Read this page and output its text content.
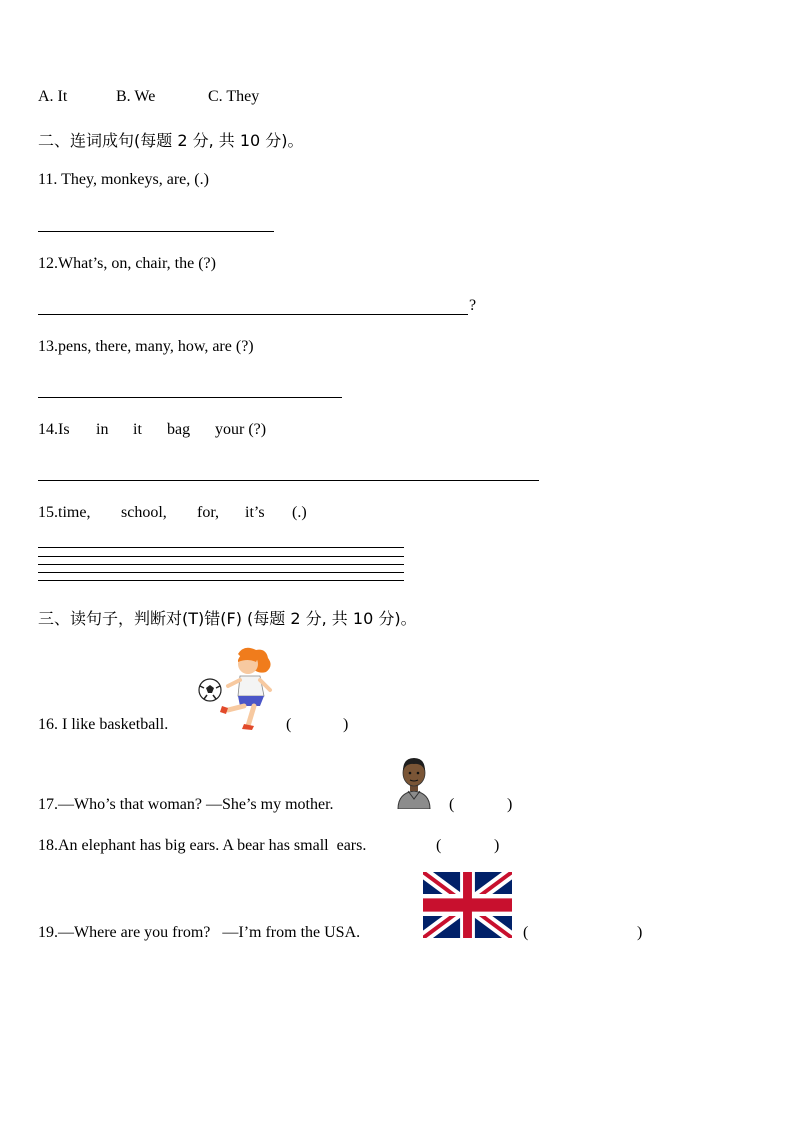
A. It	B. We	C. They
二、连词成句(每题 2 分, 共 10 分)。
11. They, monkeys, are, (.)
12.What’s, on, chair, the (?)
?
13.pens, there, many, how, are (?)
14.Is in it bag your (?)
15.time, school, for, it’s (.)
三、读句子，判断对(T)错(F) (每题 2 分, 共 10 分)。
16. I like basketball.	(	)
17.—Who’s that woman? —She’s my mother.	(	)
18.An elephant has big ears. A bear has small  ears.	(	)
19.—Where are you from?   —I’m from the USA.	(	)
